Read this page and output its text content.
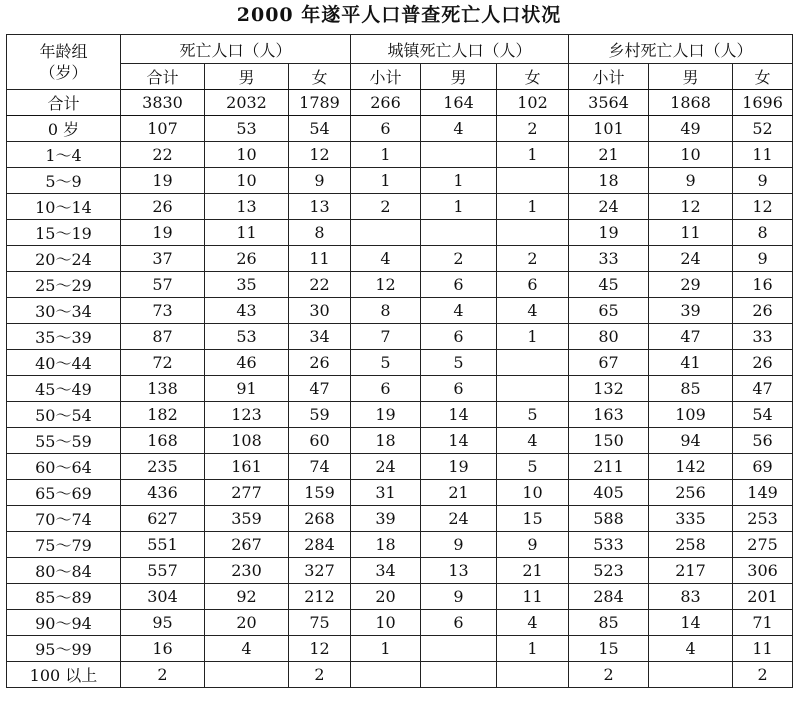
2000 年遂平人口普查死亡人口状况
年龄组
（岁）	死亡人口（人）			城镇死亡人口（人）			乡村死亡人口（人）		
	合计	男	女	小计	男	女	小计	男	女
合计	3830	2032	1789	266	164	102	3564	1868	1696
0 岁	107	53	54	6	4	2	101	49	52
1～4	22	10	12	1		1	21	10	11
5～9	19	10	9	1	1		18	9	9
10～14	26	13	13	2	1	1	24	12	12
15～19	19	11	8				19	11	8
20～24	37	26	11	4	2	2	33	24	9
25～29	57	35	22	12	6	6	45	29	16
30～34	73	43	30	8	4	4	65	39	26
35～39	87	53	34	7	6	1	80	47	33
40～44	72	46	26	5	5		67	41	26
45～49	138	91	47	6	6		132	85	47
50～54	182	123	59	19	14	5	163	109	54
55～59	168	108	60	18	14	4	150	94	56
60～64	235	161	74	24	19	5	211	142	69
65～69	436	277	159	31	21	10	405	256	149
70～74	627	359	268	39	24	15	588	335	253
75～79	551	267	284	18	9	9	533	258	275
80～84	557	230	327	34	13	21	523	217	306
85～89	304	92	212	20	9	11	284	83	201
90～94	95	20	75	10	6	4	85	14	71
95～99	16	4	12	1		1	15	4	11
100 以上	2		2				2		2
